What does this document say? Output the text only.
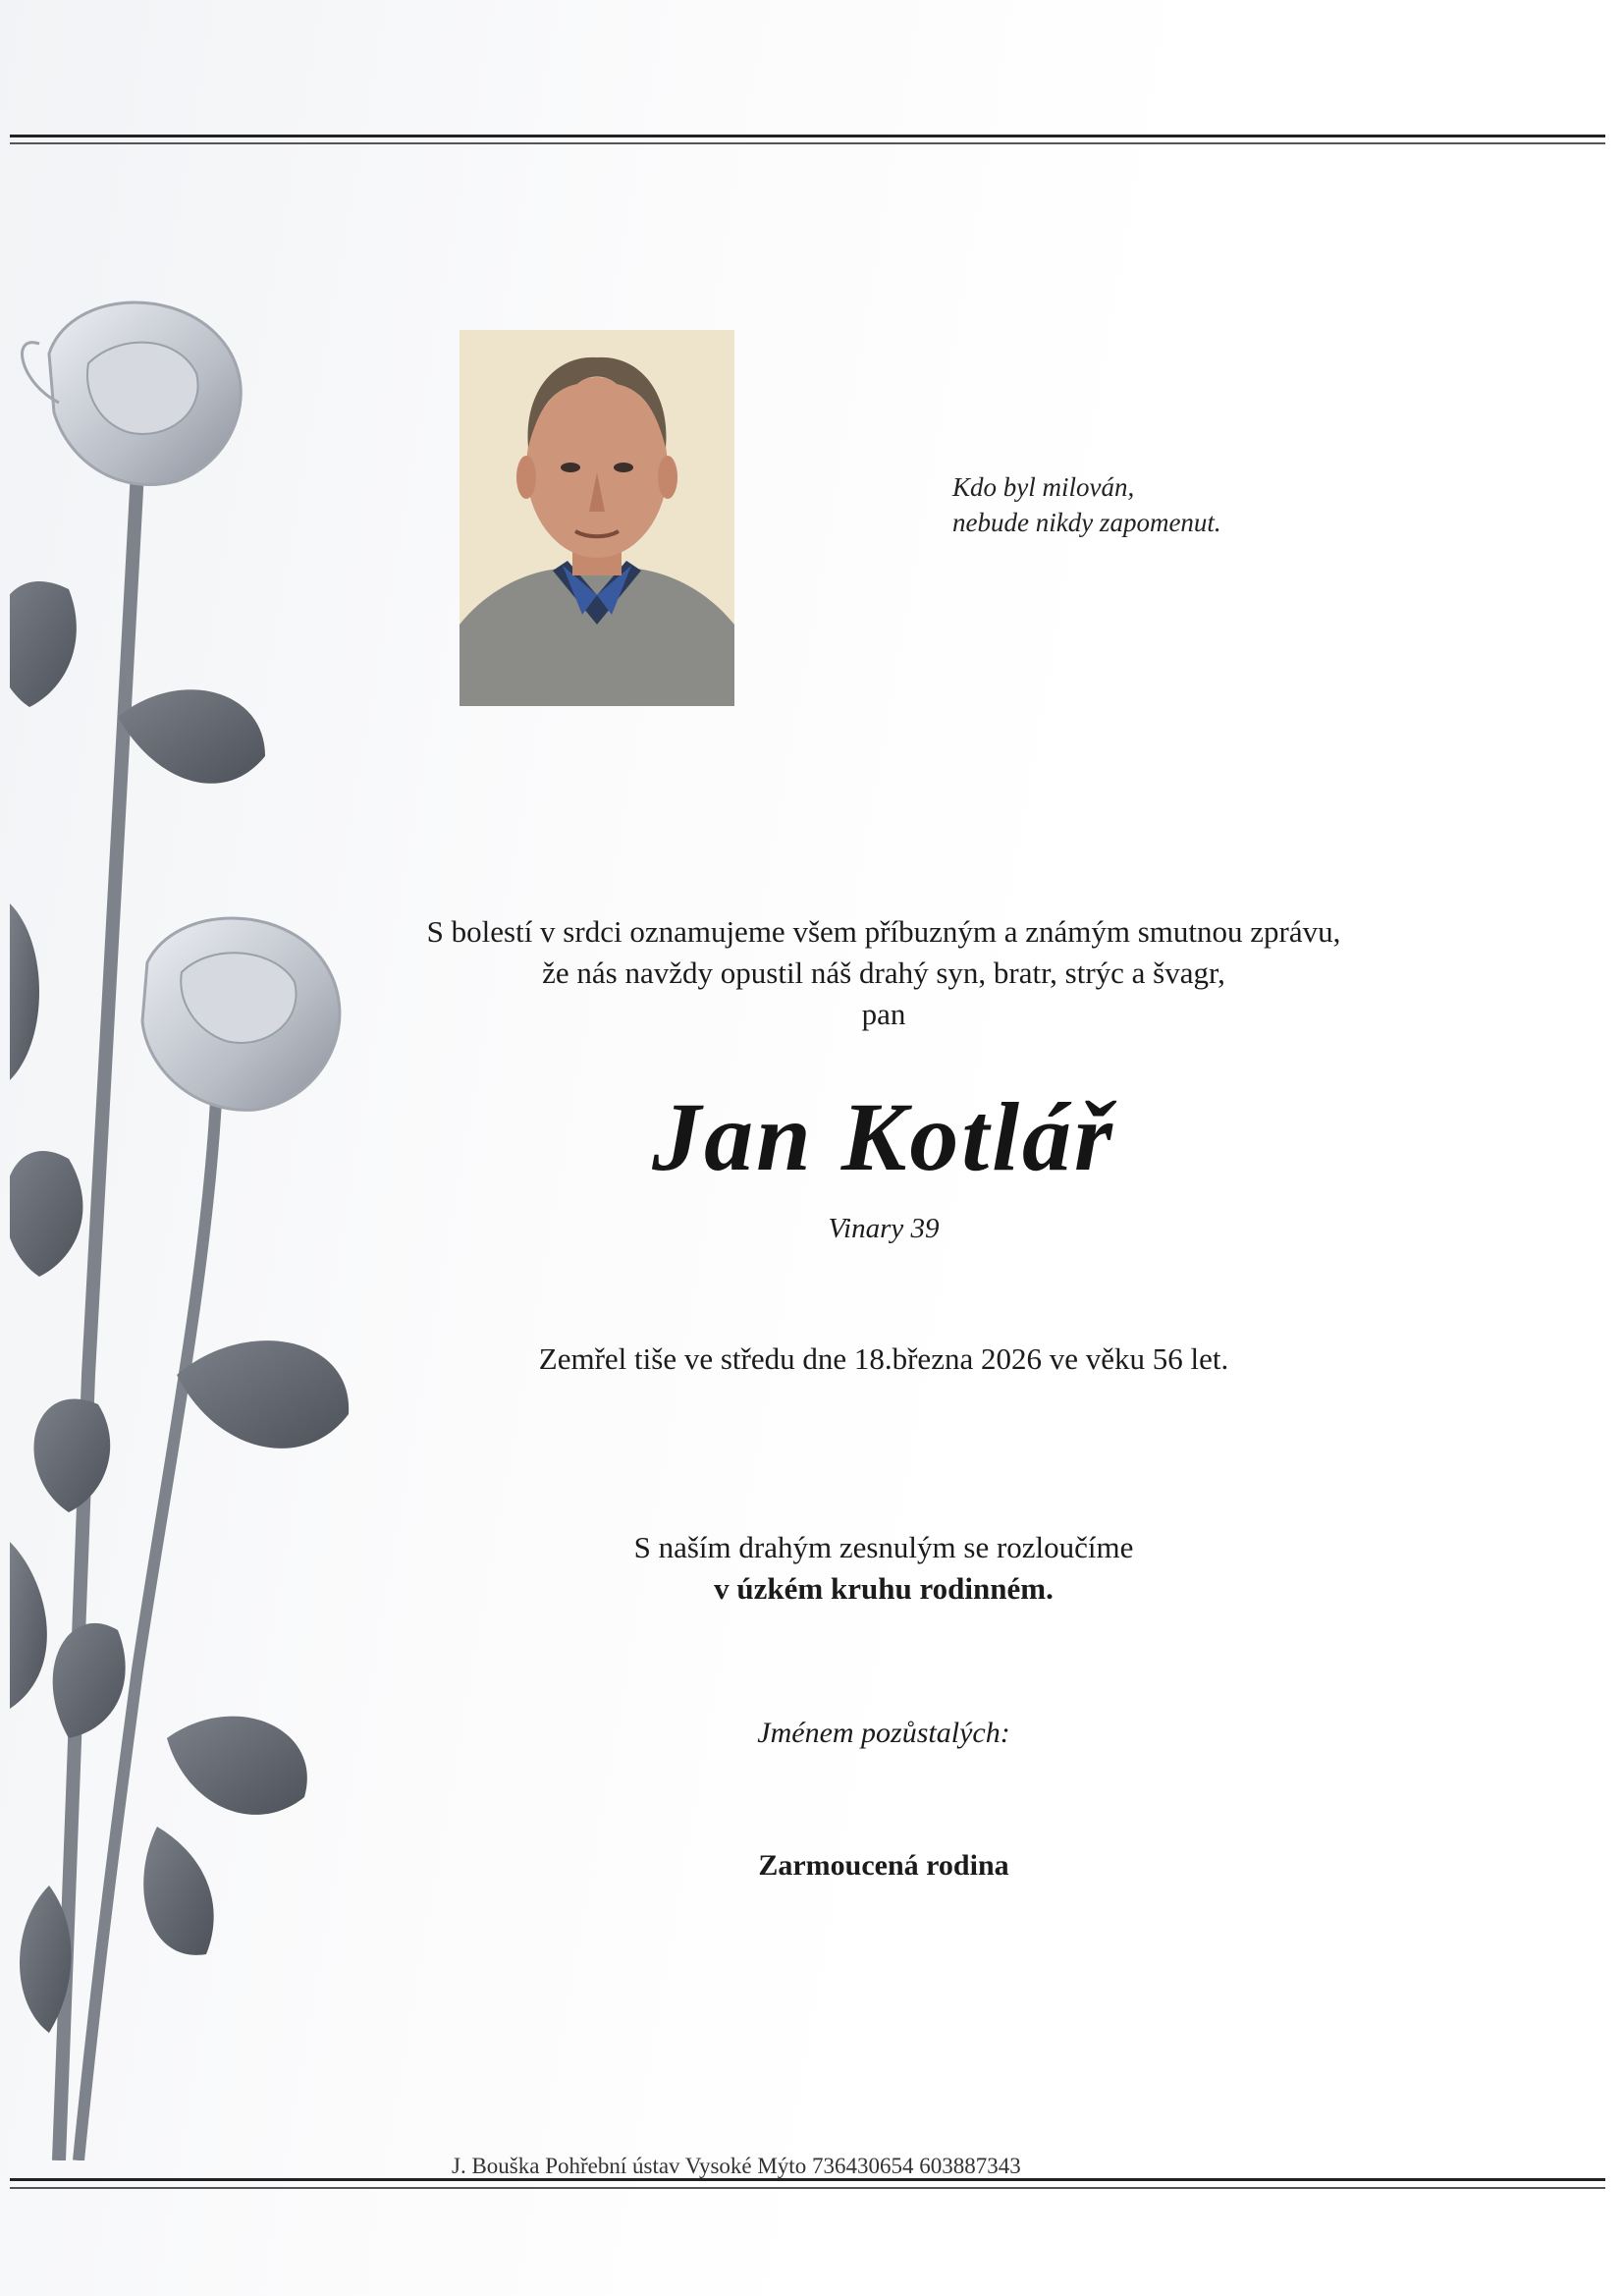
Kdo byl milován,
nebude nikdy zapomenut.
S bolestí v srdci oznamujeme všem příbuzným a známým smutnou zprávu,
že nás navždy opustil náš drahý syn, bratr, strýc a švagr,
pan
Jan Kotlář
Vinary 39
Zemřel tiše ve středu dne 18.března 2026 ve věku 56 let.
S naším drahým zesnulým se rozloučíme
v úzkém kruhu rodinném.
Jménem pozůstalých:
Zarmoucená rodina
J. Bouška Pohřební ústav Vysoké Mýto 736430654 603887343
